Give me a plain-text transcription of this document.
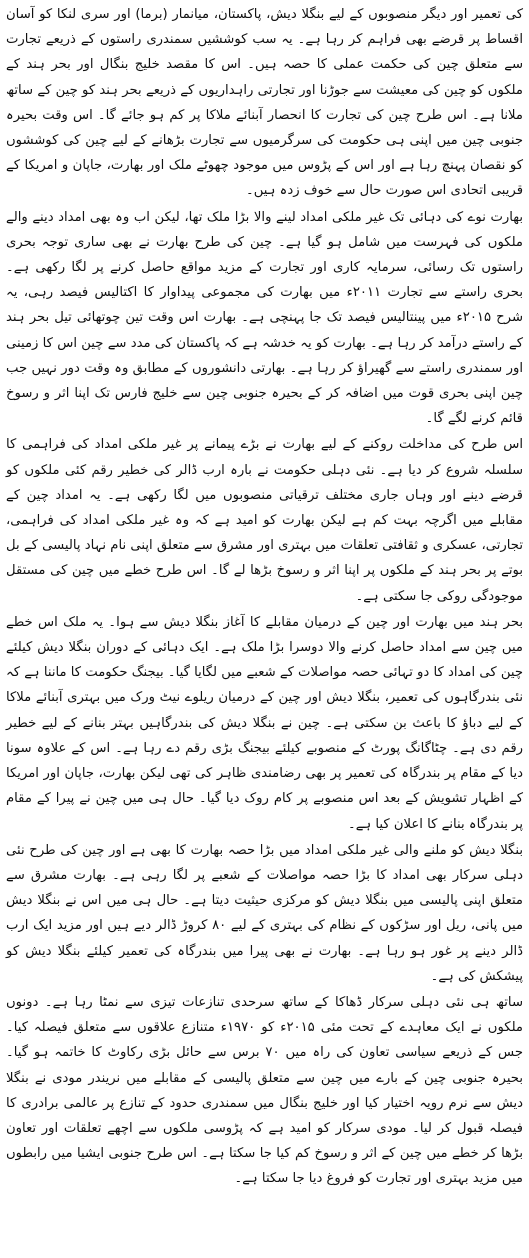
کی تعمیر اور دیگر منصوبوں کے لیے بنگلا دیش، پاکستان، میانمار (برما) اور سری لنکا کو آسان اقساط پر قرضے بھی فراہم کر رہا ہے۔ یہ سب کوششیں سمندری راستوں کے ذریعے تجارت سے متعلق چین کی حکمت عملی کا حصہ ہیں۔ اس کا مقصد خلیج بنگال اور بحر ہند کے ملکوں کو چین کی معیشت سے جوڑنا اور تجارتی راہداریوں کے ذریعے بحر ہند کو چین کے ساتھ ملانا ہے۔ اس طرح چین کی تجارت کا انحصار آبنائے ملاکا پر کم ہو جائے گا۔ اس وقت بحیرہ جنوبی چین میں اپنی ہی حکومت کی سرگرمیوں سے تجارت بڑھانے کے لیے چین کی کوششوں کو نقصان پہنچ رہا ہے اور اس کے پڑوس میں موجود چھوٹے ملک اور بھارت، جاپان و امریکا کے قریبی اتحادی اس صورت حال سے خوف زدہ ہیں۔

بھارت نوے کی دہائی تک غیر ملکی امداد لینے والا بڑا ملک تھا، لیکن اب وہ بھی امداد دینے والے ملکوں کی فہرست میں شامل ہو گیا ہے۔ چین کی طرح بھارت نے بھی ساری توجہ بحری راستوں تک رسائی، سرمایہ کاری اور تجارت کے مزید مواقع حاصل کرنے پر لگا رکھی ہے۔ بحری راستے سے تجارت ۲۰۱۱ء میں بھارت کی مجموعی پیداوار کا اکتالیس فیصد رہی، یہ شرح ۲۰۱۵ء میں پینتالیس فیصد تک جا پہنچی ہے۔ بھارت اس وقت تین چوتھائی تیل بحر ہند کے راستے درآمد کر رہا ہے۔ بھارت کو یہ خدشہ ہے کہ پاکستان کی مدد سے چین اس کا زمینی اور سمندری راستے سے گھیراؤ کر رہا ہے۔ بھارتی دانشوروں کے مطابق وہ وقت دور نہیں جب چین اپنی بحری قوت میں اضافہ کر کے بحیرہ جنوبی چین سے خلیج فارس تک اپنا اثر و رسوخ قائم کرنے لگے گا۔

اس طرح کی مداخلت روکنے کے لیے بھارت نے بڑے پیمانے پر غیر ملکی امداد کی فراہمی کا سلسلہ شروع کر دیا ہے۔ نئی دہلی حکومت نے بارہ ارب ڈالر کی خطیر رقم کئی ملکوں کو قرضے دینے اور وہاں جاری مختلف ترقیاتی منصوبوں میں لگا رکھی ہے۔ یہ امداد چین کے مقابلے میں اگرچہ بہت کم ہے لیکن بھارت کو امید ہے کہ وہ غیر ملکی امداد کی فراہمی، تجارتی، عسکری و ثقافتی تعلقات میں بہتری اور مشرق سے متعلق اپنی نام نہاد پالیسی کے بل بوتے پر بحر ہند کے ملکوں پر اپنا اثر و رسوخ بڑھا لے گا۔ اس طرح خطے میں چین کی مستقل موجودگی روکی جا سکتی ہے۔

بحر ہند میں بھارت اور چین کے درمیان مقابلے کا آغاز بنگلا دیش سے ہوا۔ یہ ملک اس خطے میں چین سے امداد حاصل کرنے والا دوسرا بڑا ملک ہے۔ ایک دہائی کے دوران بنگلا دیش کیلئے چین کی امداد کا دو تہائی حصہ مواصلات کے شعبے میں لگایا گیا۔ بیجنگ حکومت کا ماننا ہے کہ نئی بندرگاہوں کی تعمیر، بنگلا دیش اور چین کے درمیان ریلوے نیٹ ورک میں بہتری آبنائے ملاکا کے لیے دباؤ کا باعث بن سکتی ہے۔ چین نے بنگلا دیش کی بندرگاہیں بہتر بنانے کے لیے خطیر رقم دی ہے۔ چٹاگانگ پورٹ کے منصوبے کیلئے بیجنگ بڑی رقم دے رہا ہے۔ اس کے علاوہ سونا دیا کے مقام پر بندرگاہ کی تعمیر پر بھی رضامندی ظاہر کی تھی لیکن بھارت، جاپان اور امریکا کے اظہار تشویش کے بعد اس منصوبے پر کام روک دیا گیا۔ حال ہی میں چین نے پیرا کے مقام پر بندرگاہ بنانے کا اعلان کیا ہے۔

بنگلا دیش کو ملنے والی غیر ملکی امداد میں بڑا حصہ بھارت کا بھی ہے اور چین کی طرح نئی دہلی سرکار بھی امداد کا بڑا حصہ مواصلات کے شعبے پر لگا رہی ہے۔ بھارت مشرق سے متعلق اپنی پالیسی میں بنگلا دیش کو مرکزی حیثیت دیتا ہے۔ حال ہی میں اس نے بنگلا دیش میں پانی، ریل اور سڑکوں کے نظام کی بہتری کے لیے ۸۰ کروڑ ڈالر دیے ہیں اور مزید ایک ارب ڈالر دینے پر غور ہو رہا ہے۔ بھارت نے بھی پیرا میں بندرگاہ کی تعمیر کیلئے بنگلا دیش کو پیشکش کی ہے۔

ساتھ ہی نئی دہلی سرکار ڈھاکا کے ساتھ سرحدی تنازعات تیزی سے نمٹا رہا ہے۔ دونوں ملکوں نے ایک معاہدے کے تحت مئی ۲۰۱۵ء کو ۱۹۷۰ء متنازع علاقوں سے متعلق فیصلہ کیا۔ جس کے ذریعے سیاسی تعاون کی راہ میں ۷۰ برس سے حائل بڑی رکاوٹ کا خاتمہ ہو گیا۔ بحیرہ جنوبی چین کے بارے میں چین سے متعلق پالیسی کے مقابلے میں نریندر مودی نے بنگلا دیش سے نرم رویہ اختیار کیا اور خلیج بنگال میں سمندری حدود کے تنازع پر عالمی برادری کا فیصلہ قبول کر لیا۔ مودی سرکار کو امید ہے کہ پڑوسی ملکوں سے اچھے تعلقات اور تعاون بڑھا کر خطے میں چین کے اثر و رسوخ کم کیا جا سکتا ہے۔ اس طرح جنوبی ایشیا میں رابطوں میں مزید بہتری اور تجارت کو فروغ دیا جا سکتا ہے۔
